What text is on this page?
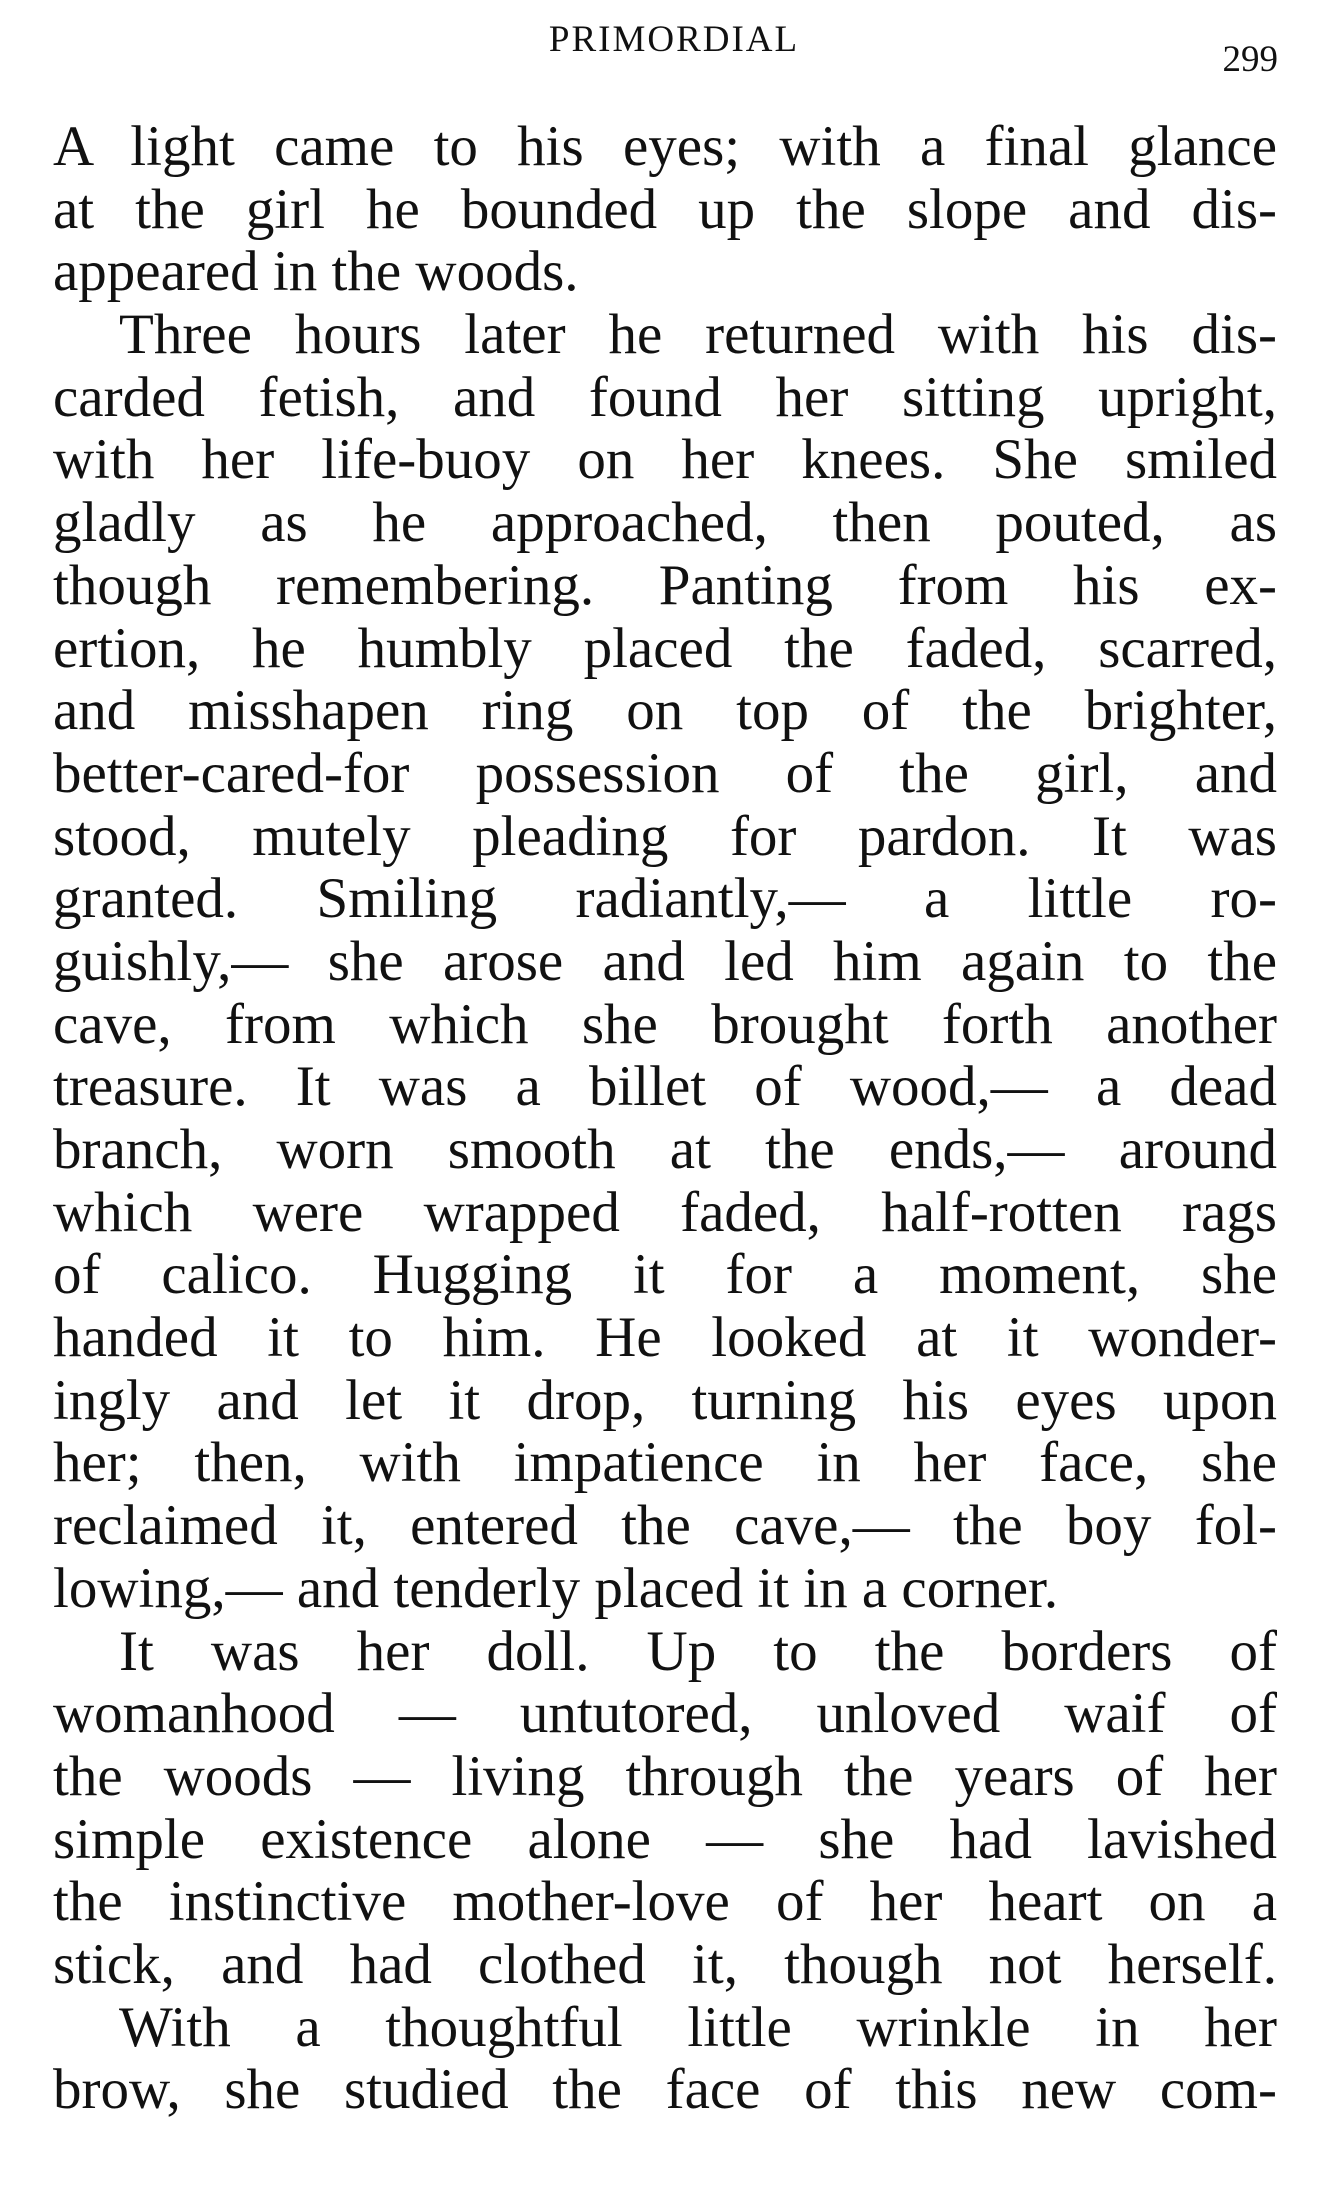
PRIMORDIAL	299
A light came to his eyes; with a final glance
at the girl he bounded up the slope and dis-
appeared in the woods.
Three hours later he returned with his dis-
carded fetish, and found her sitting upright,
with her life-buoy on her knees. She smiled
gladly as he approached, then pouted, as
though remembering. Panting from his ex-
ertion, he humbly placed the faded, scarred,
and misshapen ring on top of the brighter,
better-cared-for possession of the girl, and
stood, mutely pleading for pardon. It was
granted. Smiling radiantly,— a little ro-
guishly,— she arose and led him again to the
cave, from which she brought forth another
treasure. It was a billet of wood,— a dead
branch, worn smooth at the ends,— around
which were wrapped faded, half-rotten rags
of calico. Hugging it for a moment, she
handed it to him. He looked at it wonder-
ingly and let it drop, turning his eyes upon
her; then, with impatience in her face, she
reclaimed it, entered the cave,— the boy fol-
lowing,— and tenderly placed it in a corner.
It was her doll. Up to the borders of
womanhood — untutored, unloved waif of
the woods — living through the years of her
simple existence alone — she had lavished
the instinctive mother-love of her heart on a
stick, and had clothed it, though not herself.
With a thoughtful little wrinkle in her
brow, she studied the face of this new com-
